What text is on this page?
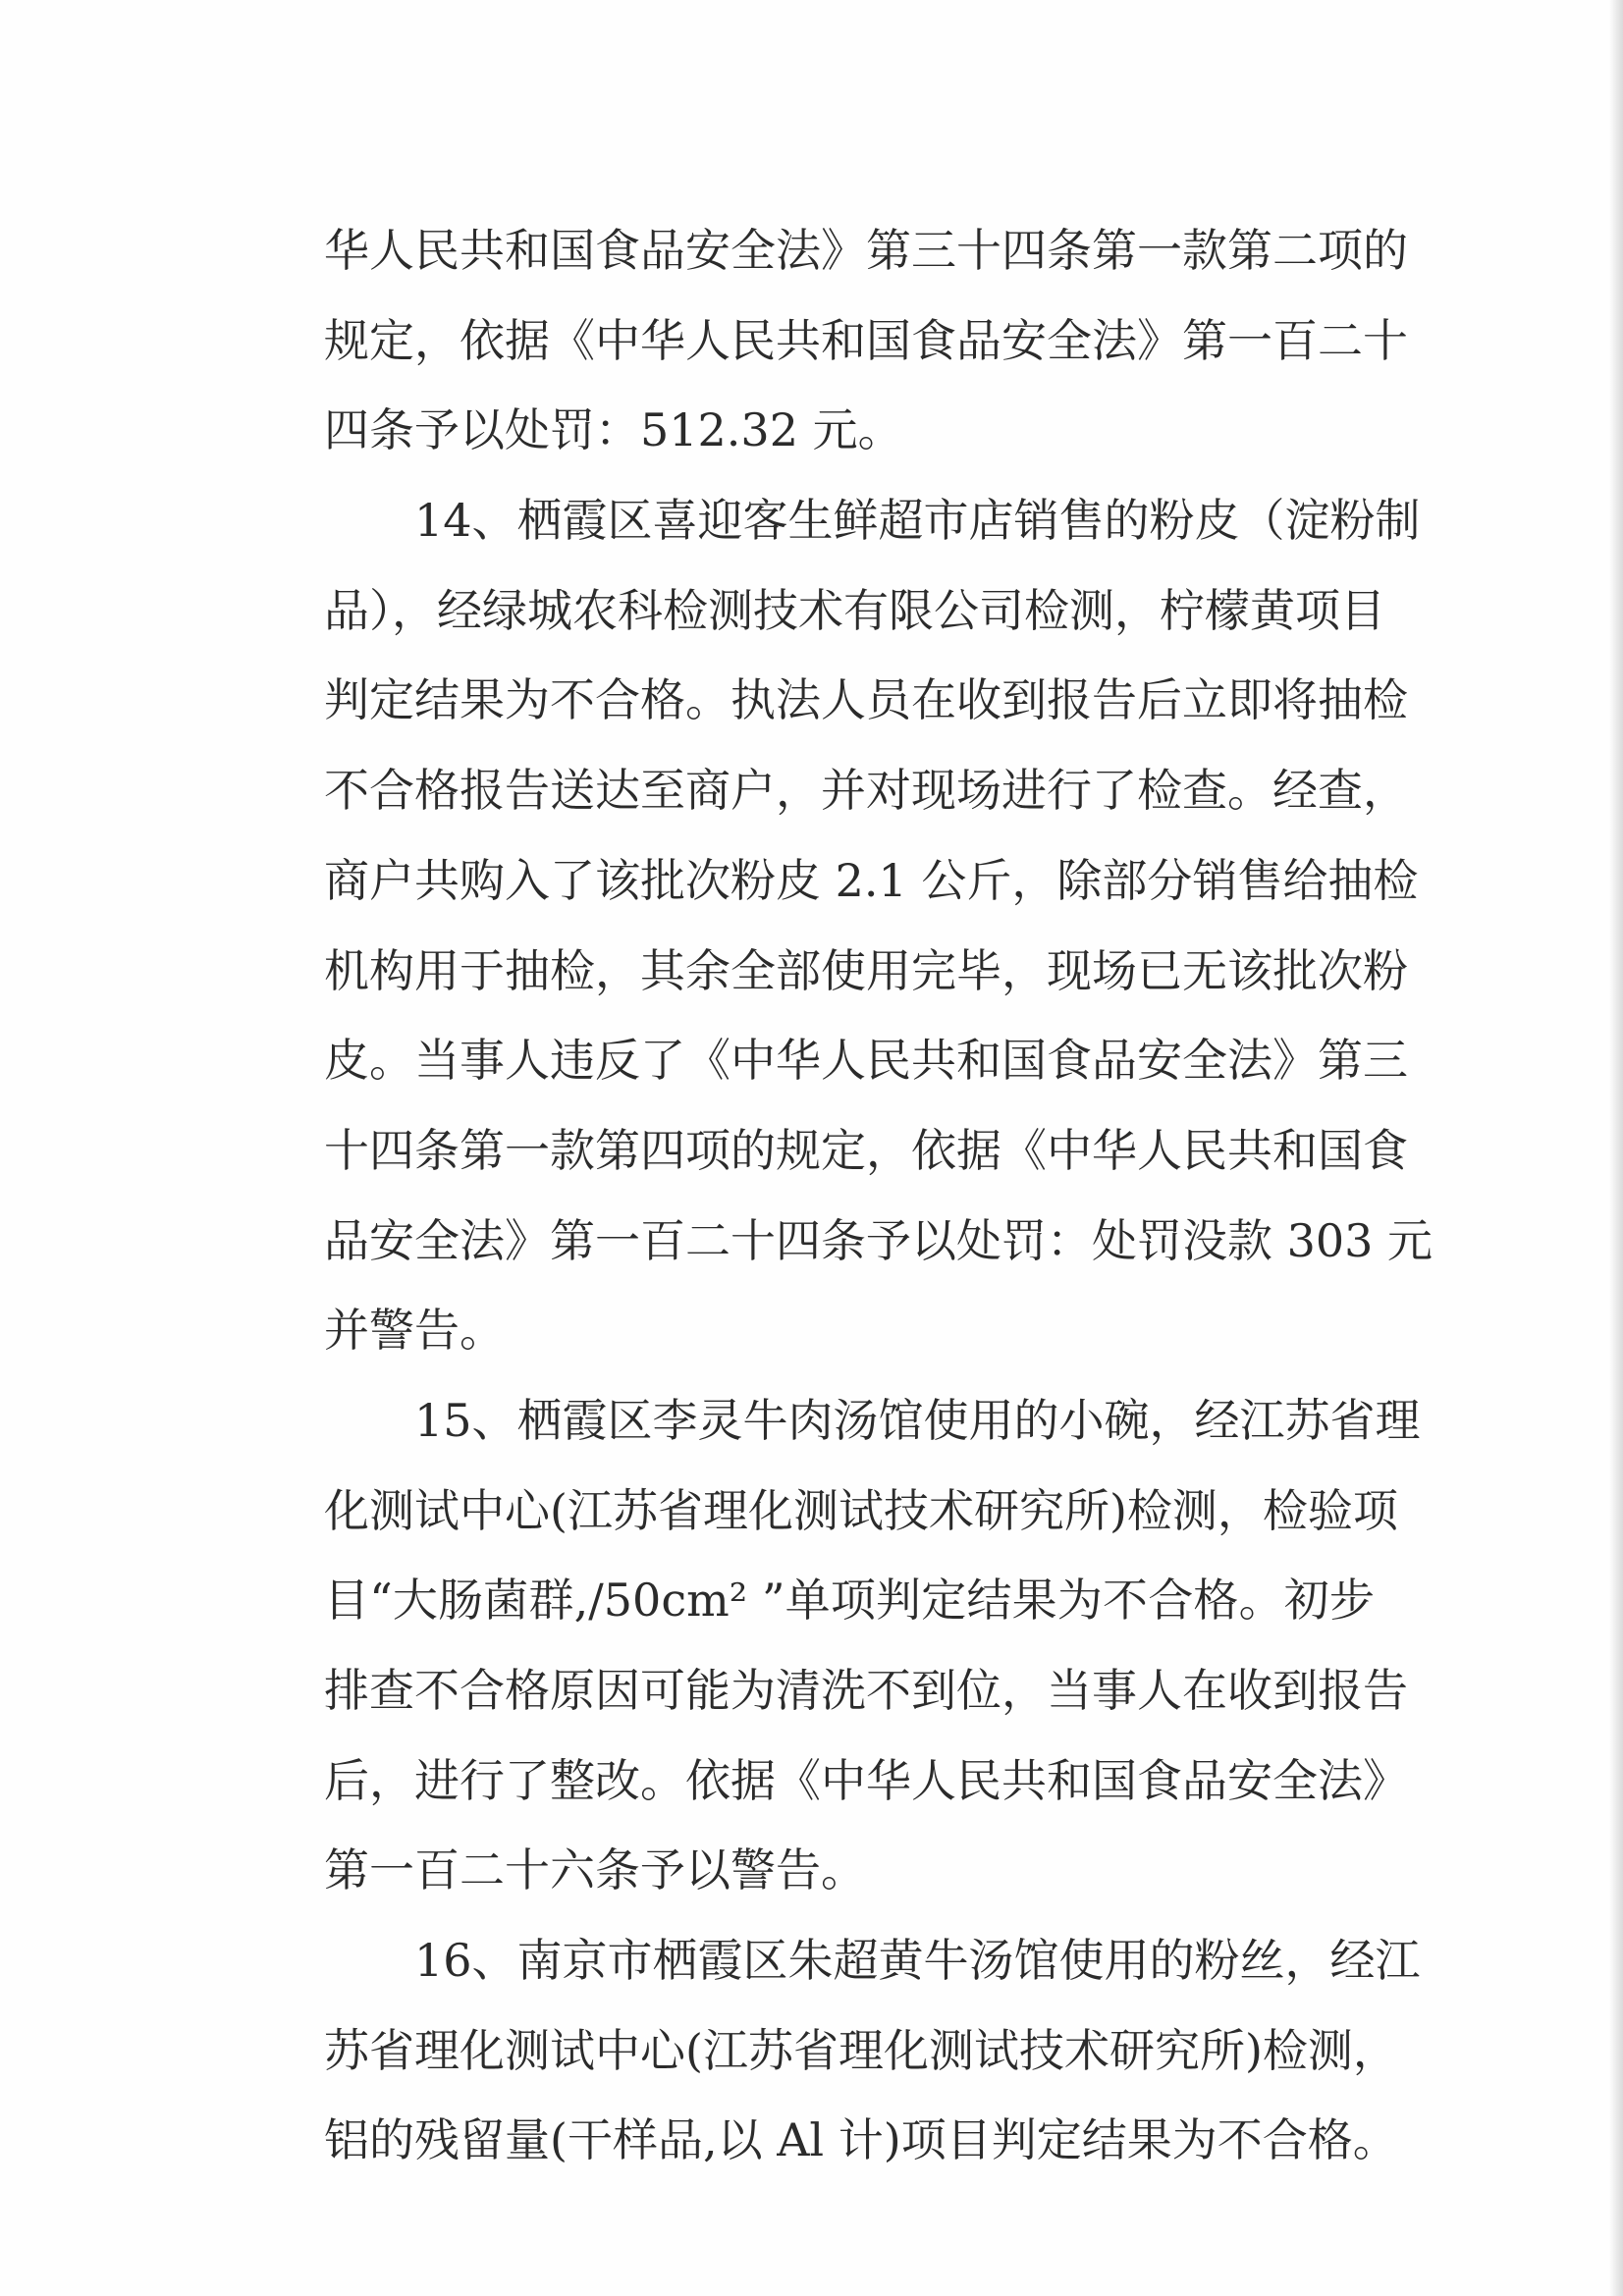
华人民共和国食品安全法》第三十四条第一款第二项的
规定，依据《中华人民共和国食品安全法》第一百二十
四条予以处罚：512.32 元。
14、栖霞区喜迎客生鲜超市店销售的粉皮（淀粉制
品），经绿城农科检测技术有限公司检测，柠檬黄项目
判定结果为不合格。执法人员在收到报告后立即将抽检
不合格报告送达至商户，并对现场进行了检查。经查，
商户共购入了该批次粉皮 2.1 公斤，除部分销售给抽检
机构用于抽检，其余全部使用完毕，现场已无该批次粉
皮。当事人违反了《中华人民共和国食品安全法》第三
十四条第一款第四项的规定，依据《中华人民共和国食
品安全法》第一百二十四条予以处罚：处罚没款 303 元
并警告。
15、栖霞区李灵牛肉汤馆使用的小碗，经江苏省理
化测试中心(江苏省理化测试技术研究所)检测，检验项
目“大肠菌群,/50cm² ”单项判定结果为不合格。初步
排查不合格原因可能为清洗不到位，当事人在收到报告
后，进行了整改。依据《中华人民共和国食品安全法》
第一百二十六条予以警告。
16、南京市栖霞区朱超黄牛汤馆使用的粉丝，经江
苏省理化测试中心(江苏省理化测试技术研究所)检测，
铝的残留量(干样品,以 Al 计)项目判定结果为不合格。
